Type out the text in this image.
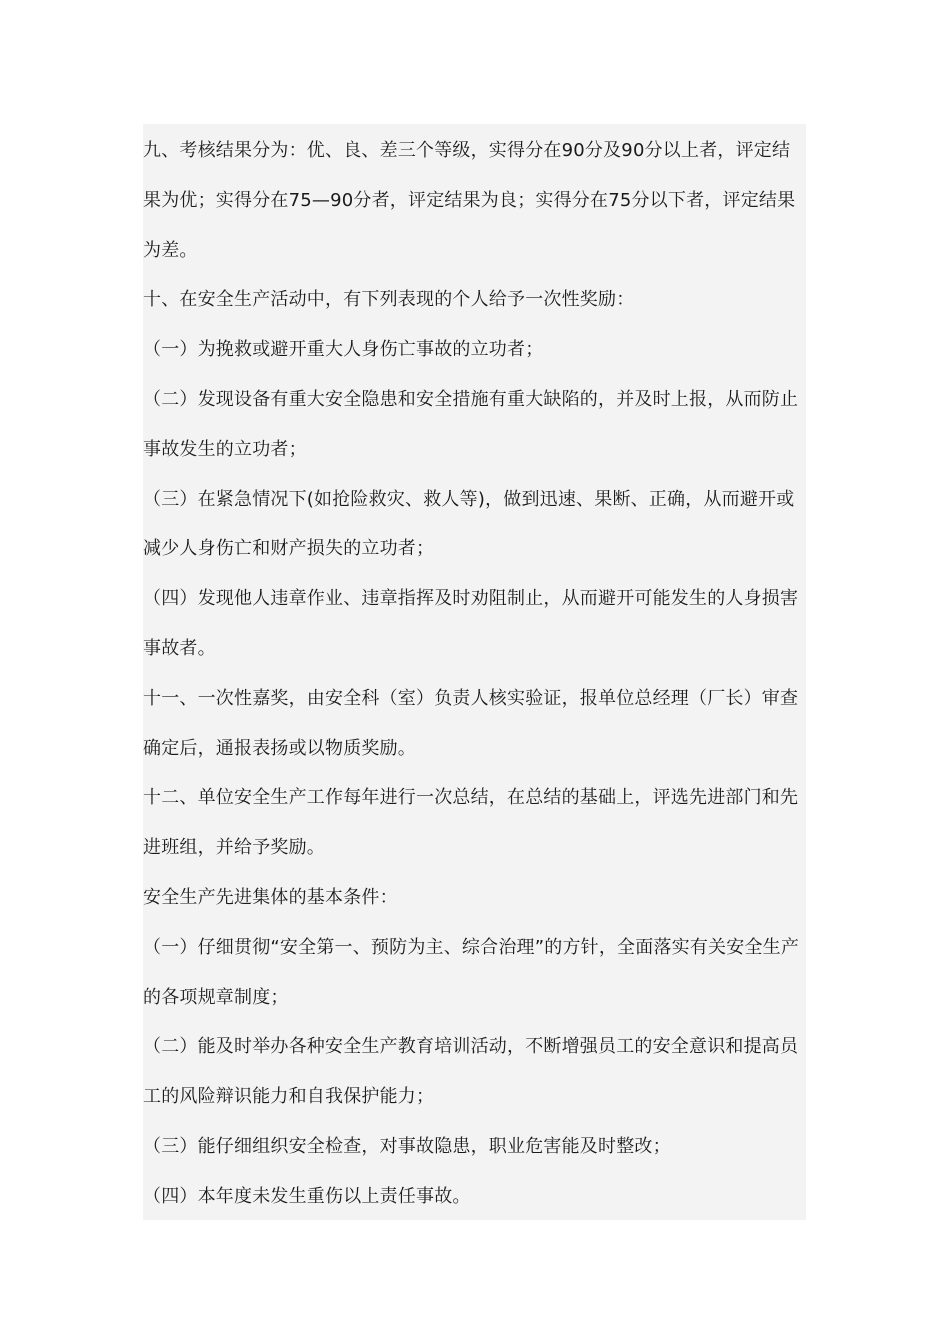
九、考核结果分为：优、良、差三个等级，实得分在90分及90分以上者，评定结果为优；实得分在75—90分者，评定结果为良；实得分在75分以下者，评定结果为差。

十、在安全生产活动中，有下列表现的个人给予一次性奖励：

（一）为挽救或避开重大人身伤亡事故的立功者；

（二）发现设备有重大安全隐患和安全措施有重大缺陷的，并及时上报，从而防止事故发生的立功者；

（三）在紧急情况下(如抢险救灾、救人等)，做到迅速、果断、正确，从而避开或减少人身伤亡和财产损失的立功者；

（四）发现他人违章作业、违章指挥及时劝阻制止，从而避开可能发生的人身损害事故者。

十一、一次性嘉奖，由安全科（室）负责人核实验证，报单位总经理（厂长）审查确定后，通报表扬或以物质奖励。

十二、单位安全生产工作每年进行一次总结，在总结的基础上，评选先进部门和先进班组，并给予奖励。

安全生产先进集体的基本条件：

（一）仔细贯彻“安全第一、预防为主、综合治理”的方针，全面落实有关安全生产的各项规章制度；

（二）能及时举办各种安全生产教育培训活动，不断增强员工的安全意识和提高员工的风险辩识能力和自我保护能力；

（三）能仔细组织安全检查，对事故隐患，职业危害能及时整改；

（四）本年度未发生重伤以上责任事故。
